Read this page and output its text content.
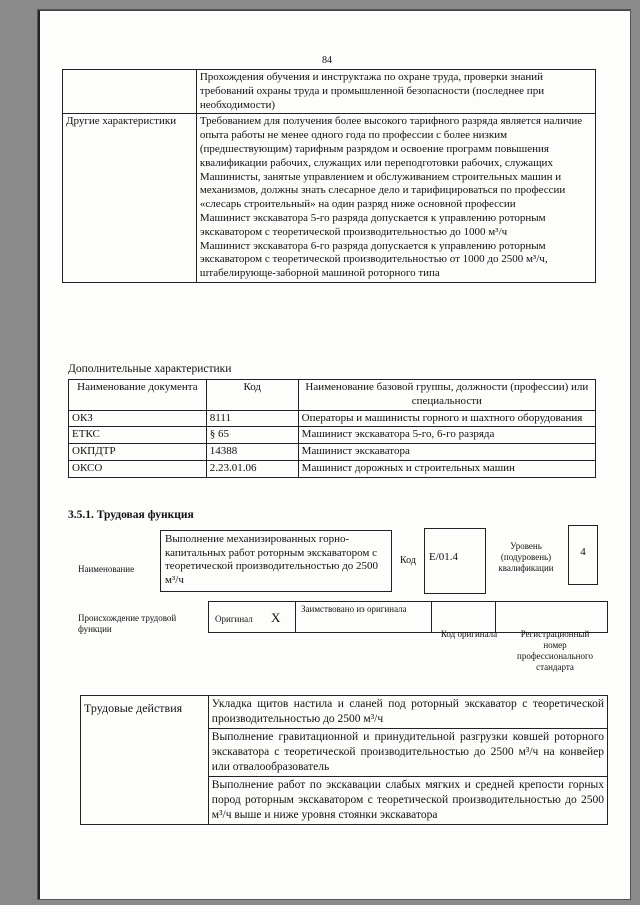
84
	Прохождения обучения и инструктажа по охране труда, проверки знаний требований охраны труда и промышленной безопасности (последнее при необходимости)
Другие характеристики	Требованием для получения более высокого тарифного разряда является наличие опыта работы не менее одного года по профессии с более низким (предшествующим) тарифным разрядом и освоение программ повышения квалификации рабочих, служащих или переподготовки рабочих, служащих
Машинисты, занятые управлением и обслуживанием строительных машин и механизмов, должны знать слесарное дело и тарифицироваться по профессии «слесарь строительный» на один разряд ниже основной профессии
Машинист экскаватора 5-го разряда допускается к управлению роторным экскаватором с теоретической производительностью до 1000 м³/ч
Машинист экскаватора 6-го разряда допускается к управлению роторным экскаватором с теоретической производительностью от 1000 до 2500 м³/ч, штабелирующе-заборной машиной роторного типа
Дополнительные характеристики
Наименование документа	Код	Наименование базовой группы, должности (профессии) или специальности
ОКЗ	8111	Операторы и машинисты горного и шахтного оборудования
ЕТКС	§ 65	Машинист экскаватора 5-го, 6-го разряда
ОКПДТР	14388	Машинист экскаватора
ОКСО	2.23.01.06	Машинист дорожных и строительных машин
3.5.1. Трудовая функция
Наименование
Выполнение механизированных горно-капитальных работ роторным экскаватором с теоретической производительностью до 2500 м³/ч
Код	E/01.4
Уровень (подуровень) квалификации
4
Происхождение трудовой функции
Оригинал X
Заимствовано из оригинала
Код оригинала	Регистрационный номер профессионального стандарта
Трудовые действия	Укладка щитов настила и сланей под роторный экскаватор с теоретической производительностью до 2500 м³/ч
Выполнение гравитационной и принудительной разгрузки ковшей роторного экскаватора с теоретической производительностью до 2500 м³/ч на конвейер или отвалообразователь
Выполнение работ по экскавации слабых мягких и средней крепости горных пород роторным экскаватором с теоретической производительностью до 2500 м³/ч выше и ниже уровня стоянки экскаватора
